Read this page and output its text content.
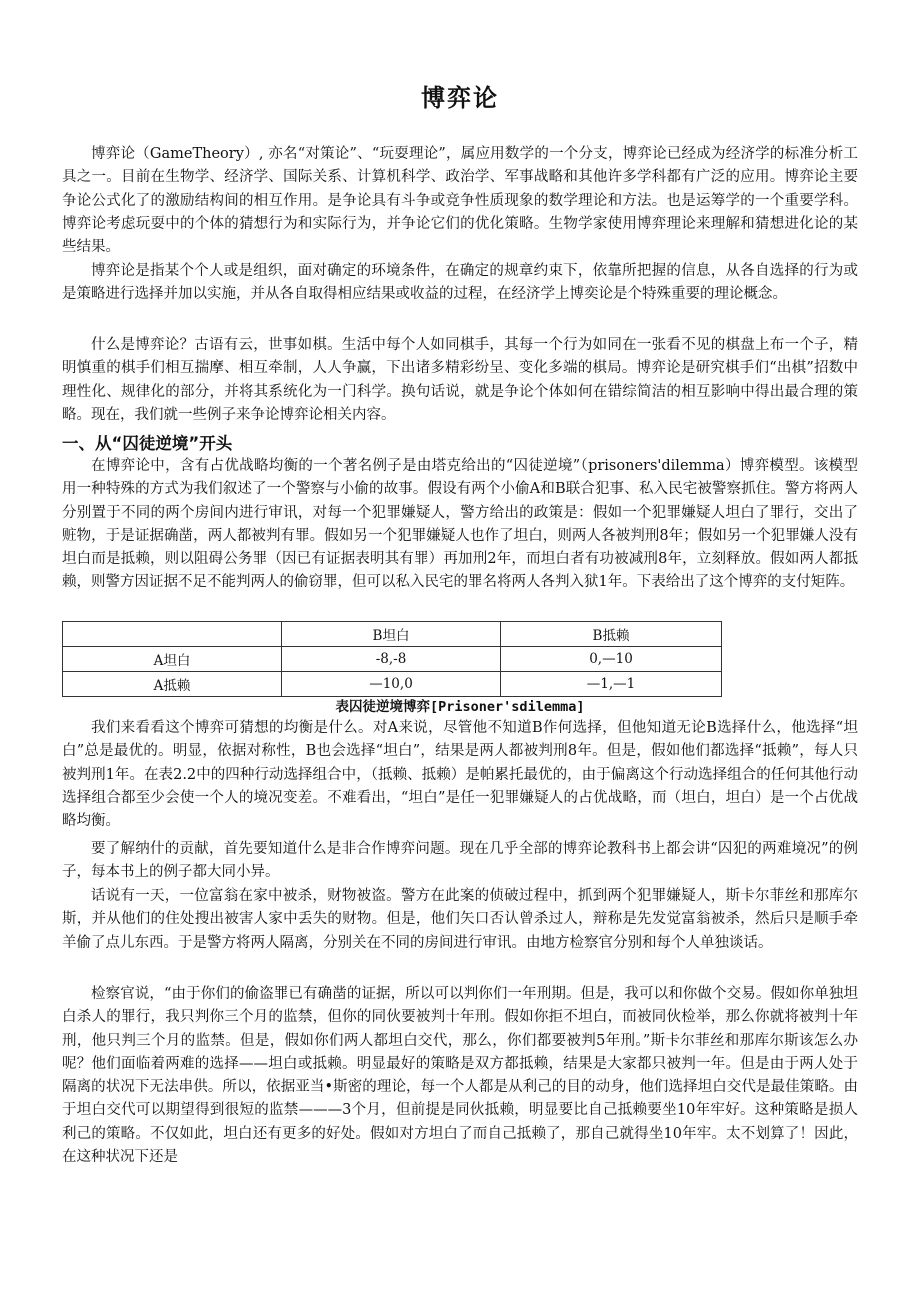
博弈论

博弈论（GameTheory）, 亦名“对策论”、“玩耍理论”，属应用数学的一个分支，博弈论已经成为经济学的标准分析工具之一。目前在生物学、经济学、国际关系、计算机科学、政治学、军事战略和其他许多学科都有广泛的应用。博弈论主要争论公式化了的激励结构间的相互作用。是争论具有斗争或竞争性质现象的数学理论和方法。也是运筹学的一个重要学科。博弈论考虑玩耍中的个体的猜想行为和实际行为，并争论它们的优化策略。生物学家使用博弈理论来理解和猜想进化论的某些结果。

博弈论是指某个个人或是组织，面对确定的环境条件，在确定的规章约束下，依靠所把握的信息，从各自选择的行为或是策略进行选择并加以实施，并从各自取得相应结果或收益的过程，在经济学上博奕论是个特殊重要的理论概念。

什么是博弈论？古语有云，世事如棋。生活中每个人如同棋手，其每一个行为如同在一张看不见的棋盘上布一个子，精明慎重的棋手们相互揣摩、相互牵制，人人争赢，下出诸多精彩纷呈、变化多端的棋局。博弈论是研究棋手们“出棋”招数中理性化、规律化的部分，并将其系统化为一门科学。换句话说，就是争论个体如何在错综简洁的相互影响中得出最合理的策略。现在，我们就一些例子来争论博弈论相关内容。

一、从“囚徒逆境”开头

在博弈论中，含有占优战略均衡的一个著名例子是由塔克给出的“囚徒逆境”（prisoners'dilemma）博弈模型。该模型用一种特殊的方式为我们叙述了一个警察与小偷的故事。假设有两个小偷A和B联合犯事、私入民宅被警察抓住。警方将两人分别置于不同的两个房间内进行审讯，对每一个犯罪嫌疑人，警方给出的政策是：假如一个犯罪嫌疑人坦白了罪行，交出了赃物，于是证据确凿，两人都被判有罪。假如另一个犯罪嫌疑人也作了坦白，则两人各被判刑8年；假如另一个犯罪嫌人没有坦白而是抵赖，则以阻碍公务罪（因已有证据表明其有罪）再加刑2年，而坦白者有功被减刑8年，立刻释放。假如两人都抵赖，则警方因证据不足不能判两人的偷窃罪，但可以私入民宅的罪名将两人各判入狱1年。下表给出了这个博弈的支付矩阵。

	B坦白	B抵赖
A坦白	-8,-8	0,—10
A抵赖	—10,0	—1,—1

表囚徒逆境博弈[Prisoner'sdilemma]

我们来看看这个博弈可猜想的均衡是什么。对A来说，尽管他不知道B作何选择，但他知道无论B选择什么，他选择“坦白”总是最优的。明显，依据对称性，B也会选择“坦白”，结果是两人都被判刑8年。但是，假如他们都选择“抵赖”，每人只被判刑1年。在表2.2中的四种行动选择组合中，（抵赖、抵赖）是帕累托最优的，由于偏离这个行动选择组合的任何其他行动选择组合都至少会使一个人的境况变差。不难看出，“坦白”是任一犯罪嫌疑人的占优战略，而（坦白，坦白）是一个占优战略均衡。

要了解纳什的贡献，首先要知道什么是非合作博弈问题。现在几乎全部的博弈论教科书上都会讲“囚犯的两难境况”的例子，每本书上的例子都大同小异。

话说有一天，一位富翁在家中被杀，财物被盗。警方在此案的侦破过程中，抓到两个犯罪嫌疑人，斯卡尔菲丝和那库尔斯，并从他们的住处搜出被害人家中丢失的财物。但是，他们矢口否认曾杀过人，辩称是先发觉富翁被杀，然后只是顺手牵羊偷了点儿东西。于是警方将两人隔离，分别关在不同的房间进行审讯。由地方检察官分别和每个人单独谈话。

检察官说，“由于你们的偷盗罪已有确凿的证据，所以可以判你们一年刑期。但是，我可以和你做个交易。假如你单独坦白杀人的罪行，我只判你三个月的监禁，但你的同伙要被判十年刑。假如你拒不坦白，而被同伙检举，那么你就将被判十年刑，他只判三个月的监禁。但是，假如你们两人都坦白交代，那么，你们都要被判5年刑。”斯卡尔菲丝和那库尔斯该怎么办呢？他们面临着两难的选择——坦白或抵赖。明显最好的策略是双方都抵赖，结果是大家都只被判一年。但是由于两人处于隔离的状况下无法串供。所以，依据亚当•斯密的理论，每一个人都是从利己的目的动身，他们选择坦白交代是最佳策略。由于坦白交代可以期望得到很短的监禁———3个月，但前提是同伙抵赖，明显要比自己抵赖要坐10年牢好。这种策略是损人利己的策略。不仅如此，坦白还有更多的好处。假如对方坦白了而自己抵赖了，那自己就得坐10年牢。太不划算了！因此，在这种状况下还是
